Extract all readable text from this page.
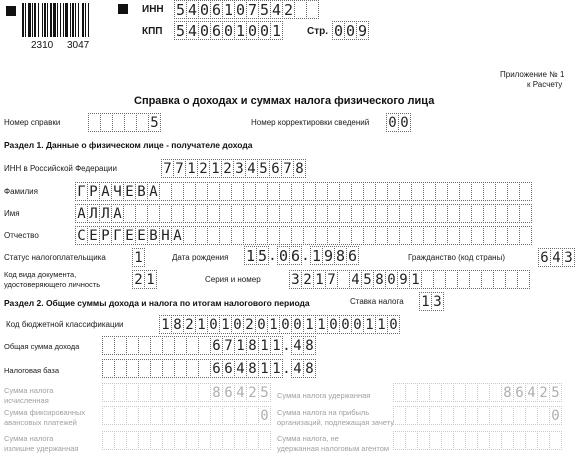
2310 3047
ИНН 5 4 0 6 1 0 7 5 4 2
КПП 5 4 0 6 0 1 0 0 1	Стр. 0 0 9
Приложение № 1
к Расчету
Справка о доходах и суммах налога физического лица
Номер справки	5	Номер корректировки сведений 0 0
Раздел 1. Данные о физическом лице - получателе дохода
ИНН в Российской Федерации	7 7 1 2 1 2 3 4 5 6 7 8
Фамилия	Г Р А Ч Е В А
Имя	А Л Л А
Отчество	С Е Р Г Е Е В Н А
Статус налогоплательщика 1	Дата рождения 1 5 . 0 6 . 1 9 8 6	Гражданство (код страны)	6 4 3
Код вида документа,
удостоверяющего личность 2 1	Серия и номер 3 2 1 7 4 5 8 0 9 1
Раздел 2. Общие суммы дохода и налога по итогам налогового периода	Ставка налога 1 3
Код бюджетной классификации	1 8 2 1 0 1 0 2 0 1 0 0 1 1 0 0 0 1 1 0
Общая сумма дохода	6 7 1 8 1 1 . 4 8
Налоговая база	6 6 4 8 1 1 . 4 8
Сумма налога
исчисленная	8 6 4 2 5	Сумма налога удержанная	8 6 4 2 5
Сумма фиксированных
авансовых платежей	0	Сумма налога на прибыль
организаций, подлежащая зачету	0
Сумма налога
излишне удержанная
Сумма налога, не
удержанная налоговым агентом
